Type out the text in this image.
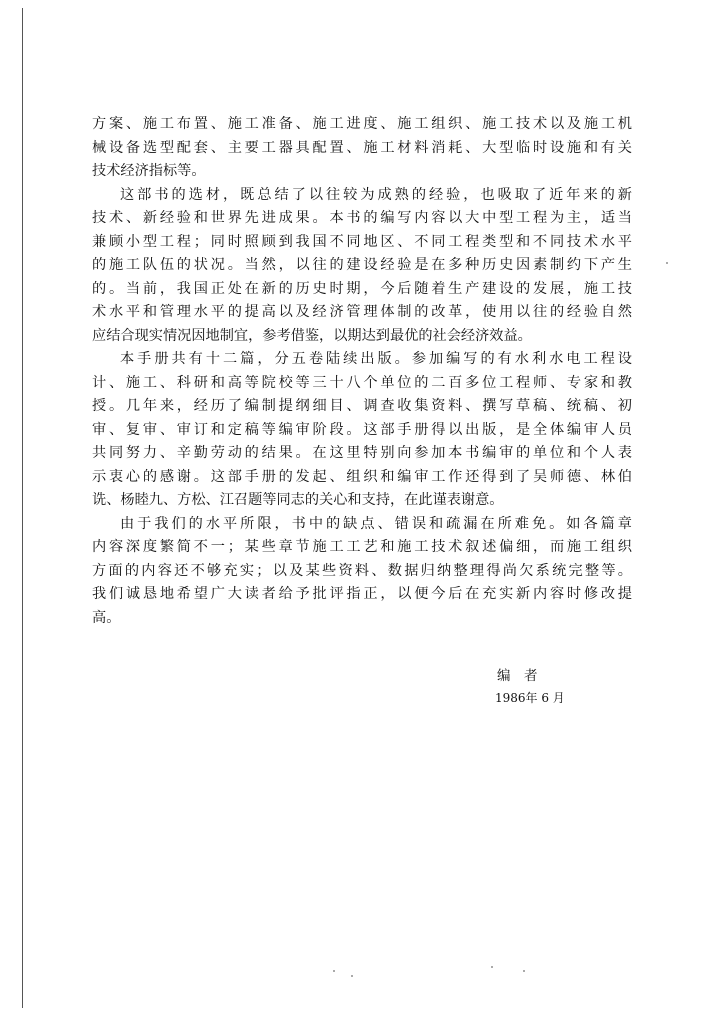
方案、施工布置、施工准备、施工进度、施工组织、施工技术以及施工机
械设备选型配套、主要工器具配置、施工材料消耗、大型临时设施和有关
技术经济指标等。
这部书的选材，既总结了以往较为成熟的经验，也吸取了近年来的新
技术、新经验和世界先进成果。本书的编写内容以大中型工程为主，适当
兼顾小型工程；同时照顾到我国不同地区、不同工程类型和不同技术水平
的施工队伍的状况。当然，以往的建设经验是在多种历史因素制约下产生
的。当前，我国正处在新的历史时期，今后随着生产建设的发展，施工技
术水平和管理水平的提高以及经济管理体制的改革，使用以往的经验自然
应结合现实情况因地制宜，参考借鉴，以期达到最优的社会经济效益。
本手册共有十二篇，分五卷陆续出版。参加编写的有水利水电工程设
计、施工、科研和高等院校等三十八个单位的二百多位工程师、专家和教
授。几年来，经历了编制提纲细目、调查收集资料、撰写草稿、统稿、初
审、复审、审订和定稿等编审阶段。这部手册得以出版，是全体编审人员
共同努力、辛勤劳动的结果。在这里特别向参加本书编审的单位和个人表
示衷心的感谢。这部手册的发起、组织和编审工作还得到了吴师德、林伯
诜、杨睦九、方松、江召题等同志的关心和支持，在此谨表谢意。
由于我们的水平所限，书中的缺点、错误和疏漏在所难免。如各篇章
内容深度繁简不一；某些章节施工工艺和施工技术叙述偏细，而施工组织
方面的内容还不够充实；以及某些资料、数据归纳整理得尚欠系统完整等。
我们诚恳地希望广大读者给予批评指正，以便今后在充实新内容时修改提
高。
编　者
1986年 6 月
